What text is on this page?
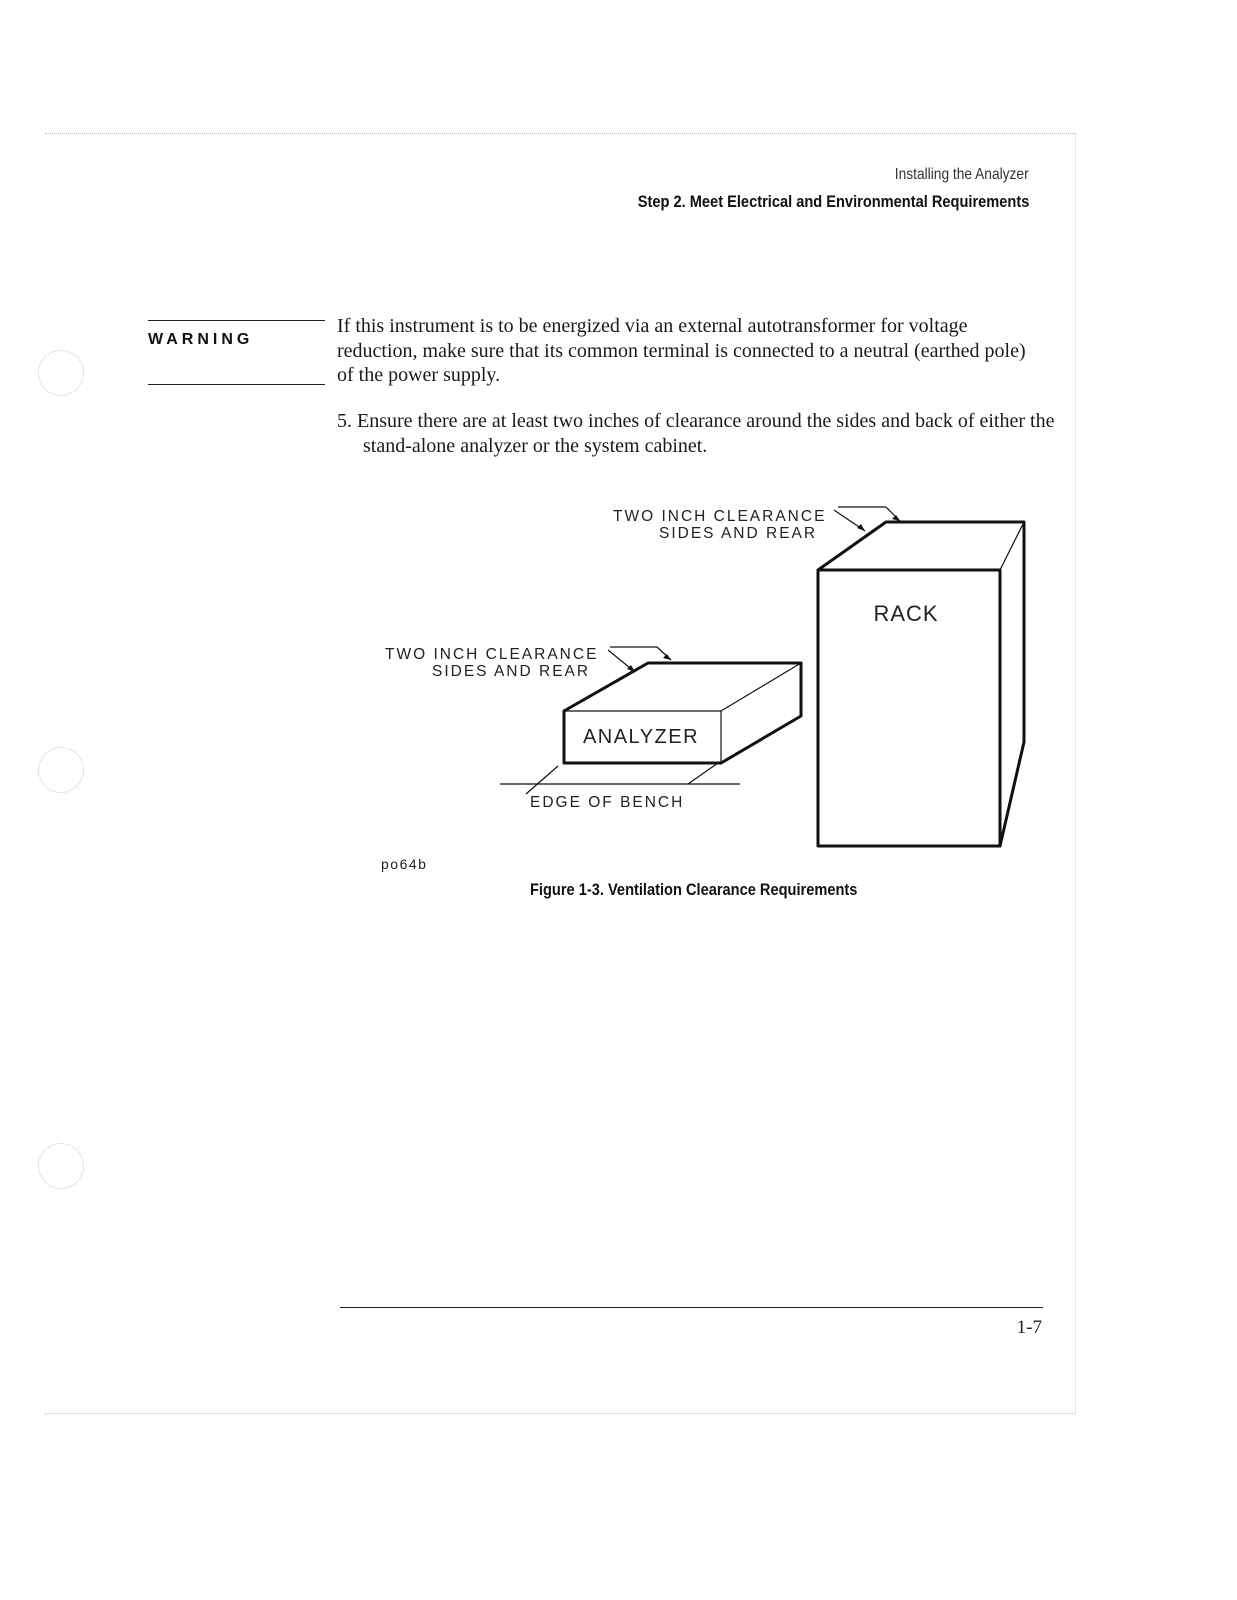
Installing the Analyzer
Step 2. Meet Electrical and Environmental Requirements
WARNING
If this instrument is to be energized via an external autotransformer for voltage reduction, make sure that its common terminal is connected to a neutral (earthed pole) of the power supply.
5. Ensure there are at least two inches of clearance around the sides and back of either the stand-alone analyzer or the system cabinet.
RACK
TWO INCH CLEARANCE
SIDES AND REAR
ANALYZER
TWO INCH CLEARANCE
SIDES AND REAR
EDGE OF BENCH
po64b
Figure 1-3. Ventilation Clearance Requirements
1-7
